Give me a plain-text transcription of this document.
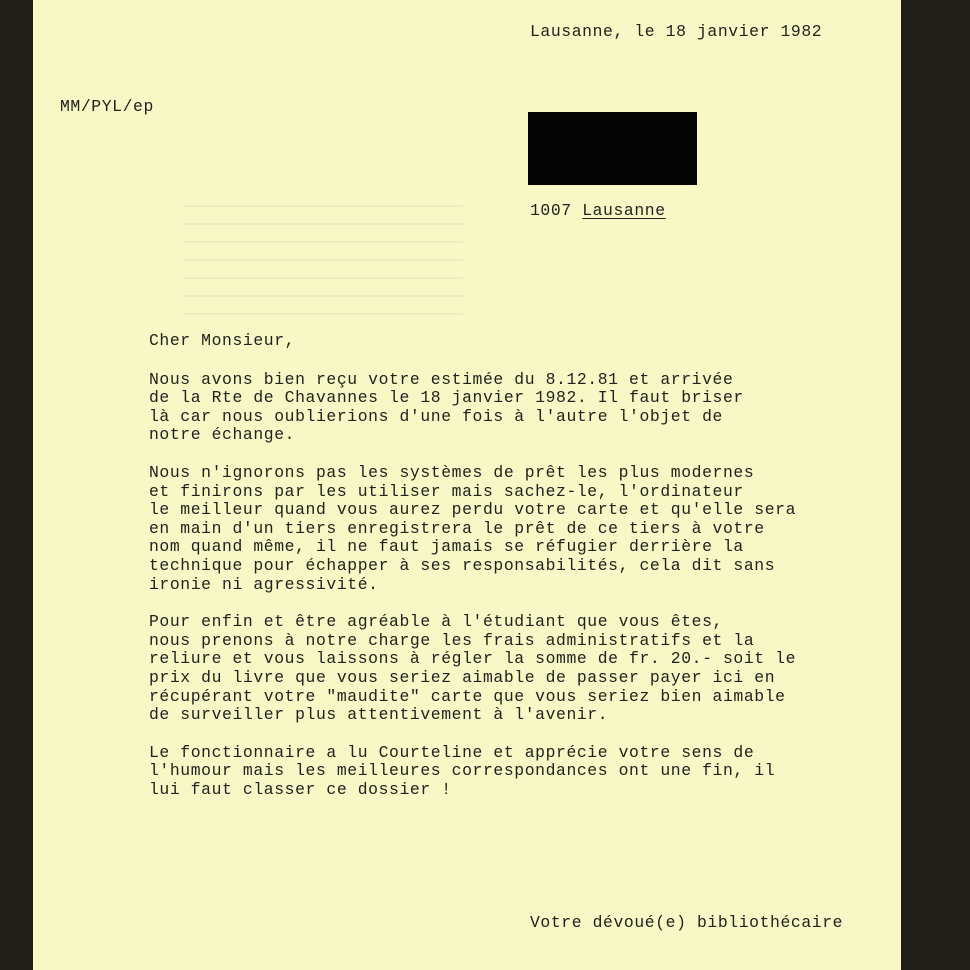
Lausanne, le 18 janvier 1982
MM/PYL/ep
1007 Lausanne
Cher Monsieur,
Nous avons bien reçu votre estimée du 8.12.81 et arrivée
de la Rte de Chavannes le 18 janvier 1982. Il faut briser
là car nous oublierions d'une fois à l'autre l'objet de
notre échange.
Nous n'ignorons pas les systèmes de prêt les plus modernes
et finirons par les utiliser mais sachez-le, l'ordinateur
le meilleur quand vous aurez perdu votre carte et qu'elle sera
en main d'un tiers enregistrera le prêt de ce tiers à votre
nom quand même, il ne faut jamais se réfugier derrière la
technique pour échapper à ses responsabilités, cela dit sans
ironie ni agressivité.
Pour enfin et être agréable à l'étudiant que vous êtes,
nous prenons à notre charge les frais administratifs et la
reliure et vous laissons à régler la somme de fr. 20.- soit le
prix du livre que vous seriez aimable de passer payer ici en
récupérant votre "maudite" carte que vous seriez bien aimable
de surveiller plus attentivement à l'avenir.
Le fonctionnaire a lu Courteline et apprécie votre sens de
l'humour mais les meilleures correspondances ont une fin, il
lui faut classer ce dossier !
Votre dévoué(e) bibliothécaire
